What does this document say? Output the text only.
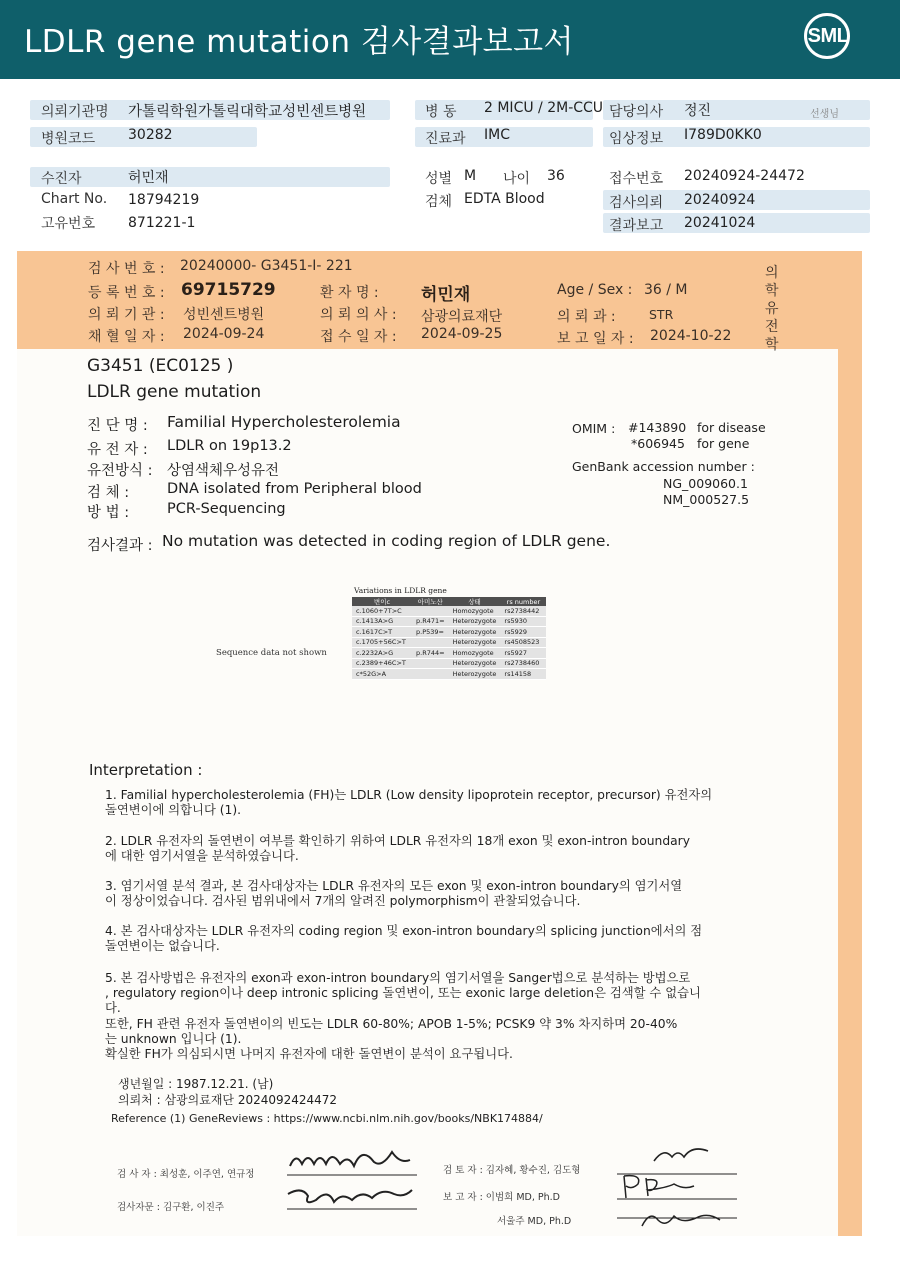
LDLR gene mutation 검사결과보고서	SML
의뢰기관명 가톨릭학원가톨릭대학교성빈센트병원	병 동 2 MICU / 2M-CCU 담당의사 정진	선생님
병원코드 30282	진료과 IMC	임상정보 I789D0KK0
수진자	허민재	성별 M 나이 36	접수번호 20240924-24472
Chart No. 18794219	검체 EDTA Blood	검사의뢰 20240924
고유번호 871221-1	결과보고 20241024
검 사 번 호 : 20240000- G3451-I- 221
등 록 번 호 : 69715729	환 자 명 : 허민재	Age / Sex : 36 / M
의 뢰 기 관 : 성빈센트병원	의 뢰 의 사 : 삼광의료재단	의 뢰 과 :	STR
채 혈 일 자 : 2024-09-24	접 수 일 자 : 2024-09-25	보 고 일 자 : 2024-10-22
의
학
유
전
학
G3451 (EC0125 )
LDLR gene mutation
진 단 명 : Familial Hypercholesterolemia
유 전 자 : LDLR on 19p13.2
유전방식 : 상염색체우성유전
검 체 :	DNA isolated from Peripheral blood
방 법 :	PCR-Sequencing
OMIM : #143890 for disease
*606945 for gene
GenBank accession number :
NG_009060.1
NM_000527.5
검사결과 : No mutation was detected in coding region of LDLR gene.
Sequence data not shown
Variations in LDLR gene
변이c	아미노산	상태	rs number
c.1060+7T>C		Homozygote	rs2738442
c.1413A>G	p.R471=	Heterozygote	rs5930
c.1617C>T	p.P539=	Heterozygote	rs5929
c.1705+56C>T		Heterozygote	rs4508523
c.2232A>G	p.R744=	Homozygote	rs5927
c.2389+46C>T		Heterozygote	rs2738460
c*52G>A		Heterozygote	rs14158
Interpretation :
1. Familial hypercholesterolemia (FH)는 LDLR (Low density lipoprotein receptor, precursor) 유전자의
돌연변이에 의합니다 (1).
2. LDLR 유전자의 돌연변이 여부를 확인하기 위하여 LDLR 유전자의 18개 exon 및 exon-intron boundary
에 대한 염기서열을 분석하였습니다.
3. 염기서열 분석 결과, 본 검사대상자는 LDLR 유전자의 모든 exon 및 exon-intron boundary의 염기서열
이 정상이었습니다. 검사된 범위내에서 7개의 알려진 polymorphism이 관찰되었습니다.
4. 본 검사대상자는 LDLR 유전자의 coding region 및 exon-intron boundary의 splicing junction에서의 점
돌연변이는 없습니다.
5. 본 검사방법은 유전자의 exon과 exon-intron boundary의 염기서열을 Sanger법으로 분석하는 방법으로
, regulatory region이나 deep intronic splicing 돌연변이, 또는 exonic large deletion은 검색할 수 없습니
다.
또한, FH 관련 유전자 돌연변이의 빈도는 LDLR 60-80%; APOB 1-5%; PCSK9 약 3% 차지하며 20-40%
는 unknown 입니다 (1).
확실한 FH가 의심되시면 나머지 유전자에 대한 돌연변이 분석이 요구됩니다.
생년월일 : 1987.12.21. (남)
의뢰처 : 삼광의료재단 2024092424472
Reference (1) GeneReviews : https://www.ncbi.nlm.nih.gov/books/NBK174884/
검 사 자 : 최성훈, 이주연, 연규정
검사자문 : 김구환, 이진주
검 토 자 : 김자혜, 황수진, 김도형
보 고 자 : 이범희 MD, Ph.D
서울주 MD, Ph.D
